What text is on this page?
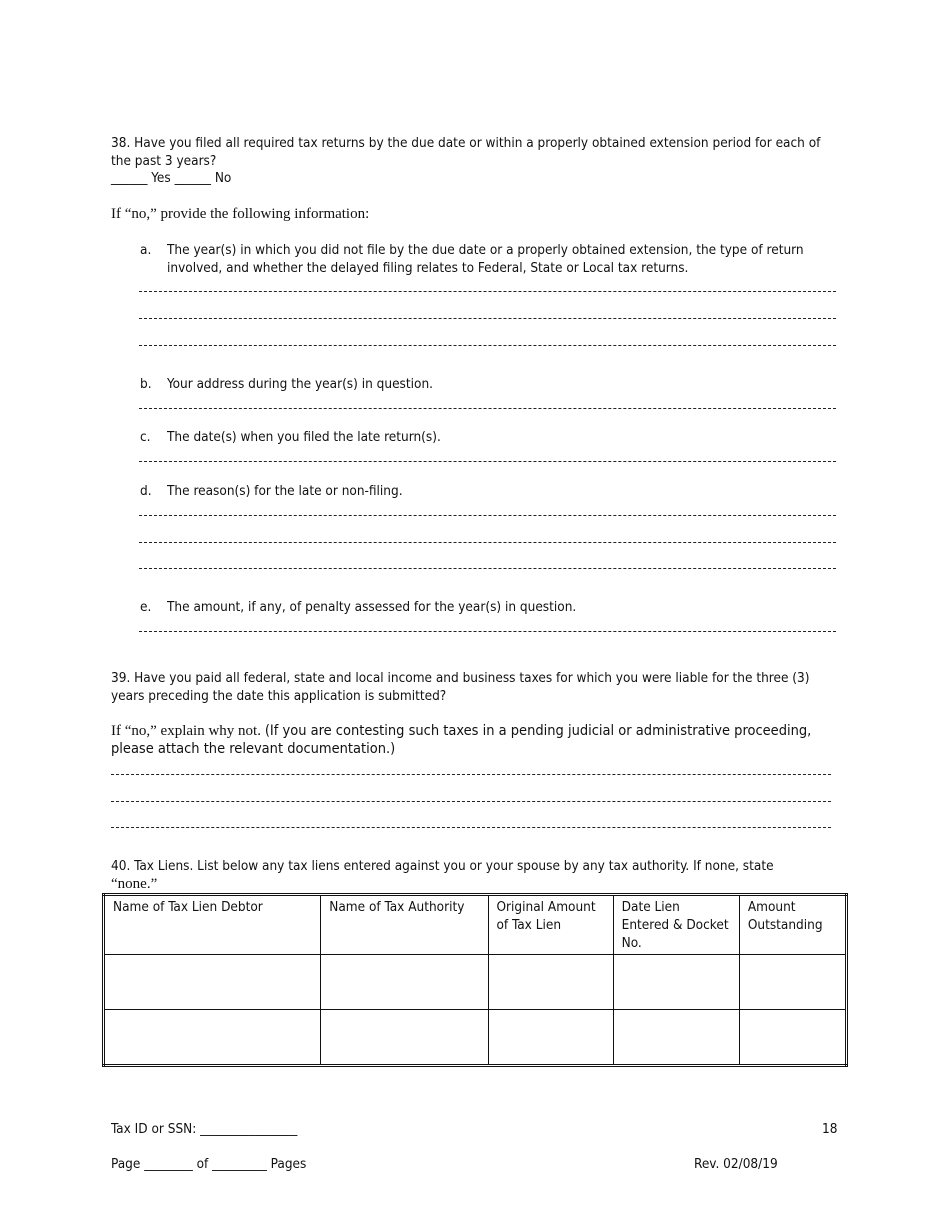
38. Have you filed all required tax returns by the due date or within a properly obtained extension period for each of the past 3 years?
______ Yes ______ No
If “no,” provide the following information:
a. The year(s) in which you did not file by the due date or a properly obtained extension, the type of return involved, and whether the delayed filing relates to Federal, State or Local tax returns.
b. Your address during the year(s) in question.
c. The date(s) when you filed the late return(s).
d. The reason(s) for the late or non-filing.
e. The amount, if any, of penalty assessed for the year(s) in question.
39. Have you paid all federal, state and local income and business taxes for which you were liable for the three (3) years preceding the date this application is submitted?
If “no,” explain why not. (If you are contesting such taxes in a pending judicial or administrative proceeding, please attach the relevant documentation.)
40. Tax Liens. List below any tax liens entered against you or your spouse by any tax authority. If none, state
“none.”
Name of Tax Lien Debtor	Name of Tax Authority	Original Amount of Tax Lien	Date Lien Entered & Docket No.	Amount Outstanding

Tax ID or SSN: ________________	18
Page ________ of _________ Pages	Rev. 02/08/19
